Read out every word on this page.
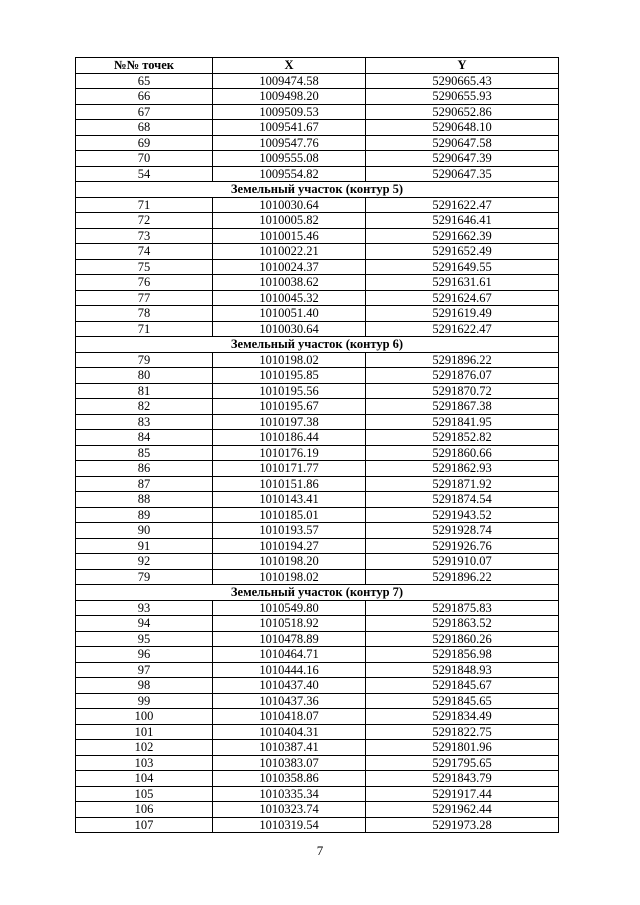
№№ точек	X	Y
65	1009474.58	5290665.43
66	1009498.20	5290655.93
67	1009509.53	5290652.86
68	1009541.67	5290648.10
69	1009547.76	5290647.58
70	1009555.08	5290647.39
54	1009554.82	5290647.35
Земельный участок (контур 5)		
71	1010030.64	5291622.47
72	1010005.82	5291646.41
73	1010015.46	5291662.39
74	1010022.21	5291652.49
75	1010024.37	5291649.55
76	1010038.62	5291631.61
77	1010045.32	5291624.67
78	1010051.40	5291619.49
71	1010030.64	5291622.47
Земельный участок (контур 6)		
79	1010198.02	5291896.22
80	1010195.85	5291876.07
81	1010195.56	5291870.72
82	1010195.67	5291867.38
83	1010197.38	5291841.95
84	1010186.44	5291852.82
85	1010176.19	5291860.66
86	1010171.77	5291862.93
87	1010151.86	5291871.92
88	1010143.41	5291874.54
89	1010185.01	5291943.52
90	1010193.57	5291928.74
91	1010194.27	5291926.76
92	1010198.20	5291910.07
79	1010198.02	5291896.22
Земельный участок (контур 7)		
93	1010549.80	5291875.83
94	1010518.92	5291863.52
95	1010478.89	5291860.26
96	1010464.71	5291856.98
97	1010444.16	5291848.93
98	1010437.40	5291845.67
99	1010437.36	5291845.65
100	1010418.07	5291834.49
101	1010404.31	5291822.75
102	1010387.41	5291801.96
103	1010383.07	5291795.65
104	1010358.86	5291843.79
105	1010335.34	5291917.44
106	1010323.74	5291962.44
107	1010319.54	5291973.28
7
